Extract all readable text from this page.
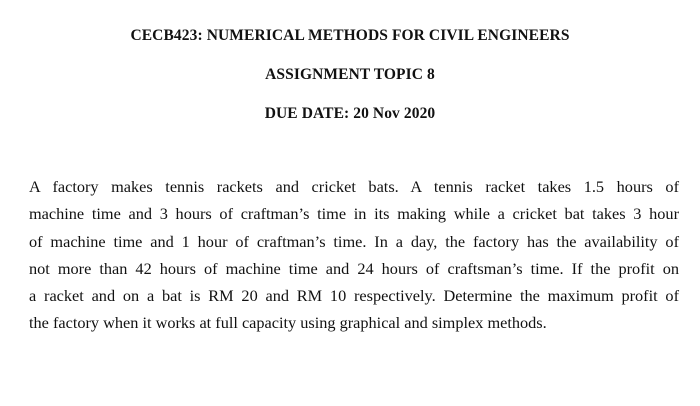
CECB423: NUMERICAL METHODS FOR CIVIL ENGINEERS
ASSIGNMENT TOPIC 8
DUE DATE: 20 Nov 2020
A factory makes tennis rackets and cricket bats. A tennis racket takes 1.5 hours of
machine time and 3 hours of craftman’s time in its making while a cricket bat takes 3 hour
of machine time and 1 hour of craftman’s time. In a day, the factory has the availability of
not more than 42 hours of machine time and 24 hours of craftsman’s time. If the profit on
a racket and on a bat is RM 20 and RM 10 respectively. Determine the maximum profit of
the factory when it works at full capacity using graphical and simplex methods.
